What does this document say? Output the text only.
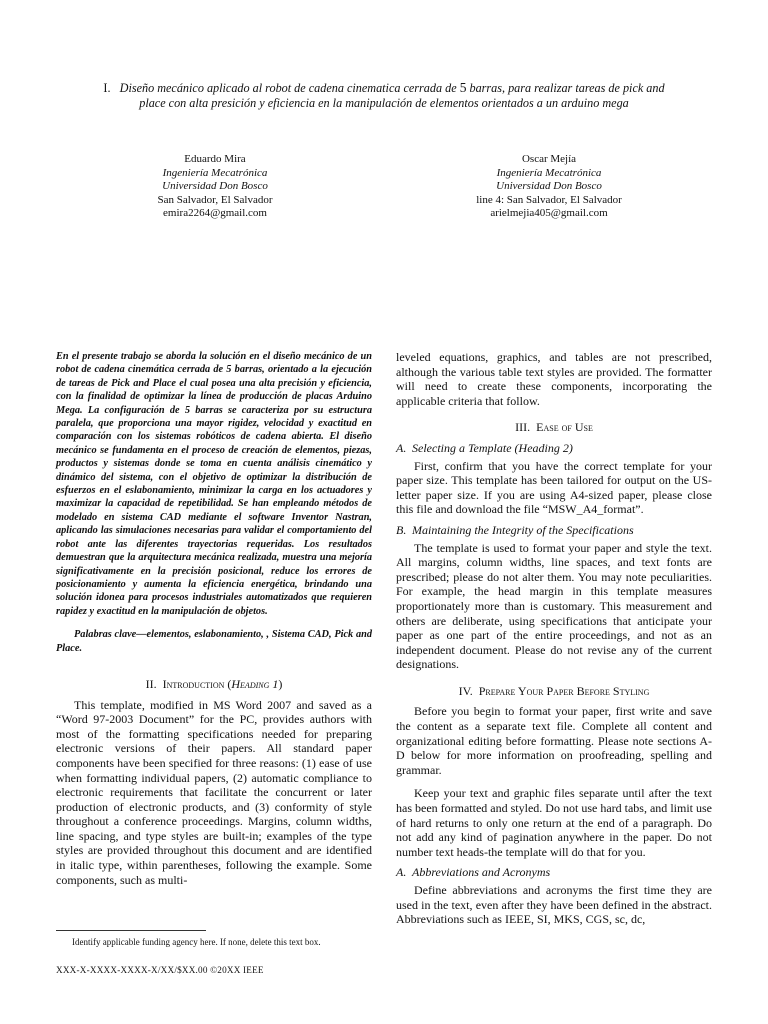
I. Diseño mecánico aplicado al robot de cadena cinematica cerrada de 5 barras, para realizar tareas de pick and
place con alta presición y eficiencia en la manipulación de elementos orientados a un arduino mega
Eduardo Mira
Ingeniería Mecatrónica
Universidad Don Bosco
San Salvador, El Salvador
emira2264@gmail.com
Oscar Mejía
Ingeniería Mecatrónica
Universidad Don Bosco
line 4: San Salvador, El Salvador
arielmejia405@gmail.com

En el presente trabajo se aborda la solución en el diseño mecánico de un robot de cadena cinemática cerrada de 5 barras, orientado a la ejecución de tareas de Pick and Place el cual posea una alta precisión y eficiencia, con la finalidad de optimizar la línea de producción de placas Arduino Mega. La configuración de 5 barras se caracteriza por su estructura paralela, que proporciona una mayor rigidez, velocidad y exactitud en comparación con los sistemas robóticos de cadena abierta. El diseño mecánico se fundamenta en el proceso de creación de elementos, piezas, productos y sistemas donde se toma en cuenta análisis cinemático y dinámico del sistema, con el objetivo de optimizar la distribución de esfuerzos en el eslabonamiento, minimizar la carga en los actuadores y maximizar la capacidad de repetibilidad. Se han empleando métodos de modelado en sistema CAD mediante el software Inventor Nastran, aplicando las simulaciones necesarias para validar el comportamiento del robot ante las diferentes trayectorias requeridas. Los resultados demuestran que la arquitectura mecánica realizada, muestra una mejoría significativamente en la precisión posicional, reduce los errores de posicionamiento y aumenta la eficiencia energética, brindando una solución idonea para procesos industriales automatizados que requieren rapidez y exactitud en la manipulación de objetos.

Palabras clave—elementos, eslabonamiento, , Sistema CAD, Pick and Place.

II. Introduction (Heading 1)

This template, modified in MS Word 2007 and saved as a “Word 97-2003 Document” for the PC, provides authors with most of the formatting specifications needed for preparing electronic versions of their papers. All standard paper components have been specified for three reasons: (1) ease of use when formatting individual papers, (2) automatic compliance to electronic requirements that facilitate the concurrent or later production of electronic products, and (3) conformity of style throughout a conference proceedings. Margins, column widths, line spacing, and type styles are built-in; examples of the type styles are provided throughout this document and are identified in italic type, within parentheses, following the example. Some components, such as multi-

leveled equations, graphics, and tables are not prescribed, although the various table text styles are provided. The formatter will need to create these components, incorporating the applicable criteria that follow.

III. Ease of Use
A. Selecting a Template (Heading 2)

First, confirm that you have the correct template for your paper size. This template has been tailored for output on the US-letter paper size. If you are using A4-sized paper, please close this file and download the file “MSW_A4_format”.

B. Maintaining the Integrity of the Specifications

The template is used to format your paper and style the text. All margins, column widths, line spaces, and text fonts are prescribed; please do not alter them. You may note peculiarities. For example, the head margin in this template measures proportionately more than is customary. This measurement and others are deliberate, using specifications that anticipate your paper as one part of the entire proceedings, and not as an independent document. Please do not revise any of the current designations.

IV. Prepare Your Paper Before Styling

Before you begin to format your paper, first write and save the content as a separate text file. Complete all content and organizational editing before formatting. Please note sections A-D below for more information on proofreading, spelling and grammar.

Keep your text and graphic files separate until after the text has been formatted and styled. Do not use hard tabs, and limit use of hard returns to only one return at the end of a paragraph. Do not add any kind of pagination anywhere in the paper. Do not number text heads-the template will do that for you.

A. Abbreviations and Acronyms

Define abbreviations and acronyms the first time they are used in the text, even after they have been defined in the abstract. Abbreviations such as IEEE, SI, MKS, CGS, sc, dc,

Identify applicable funding agency here. If none, delete this text box.
XXX-X-XXXX-XXXX-X/XX/$XX.00 ©20XX IEEE
